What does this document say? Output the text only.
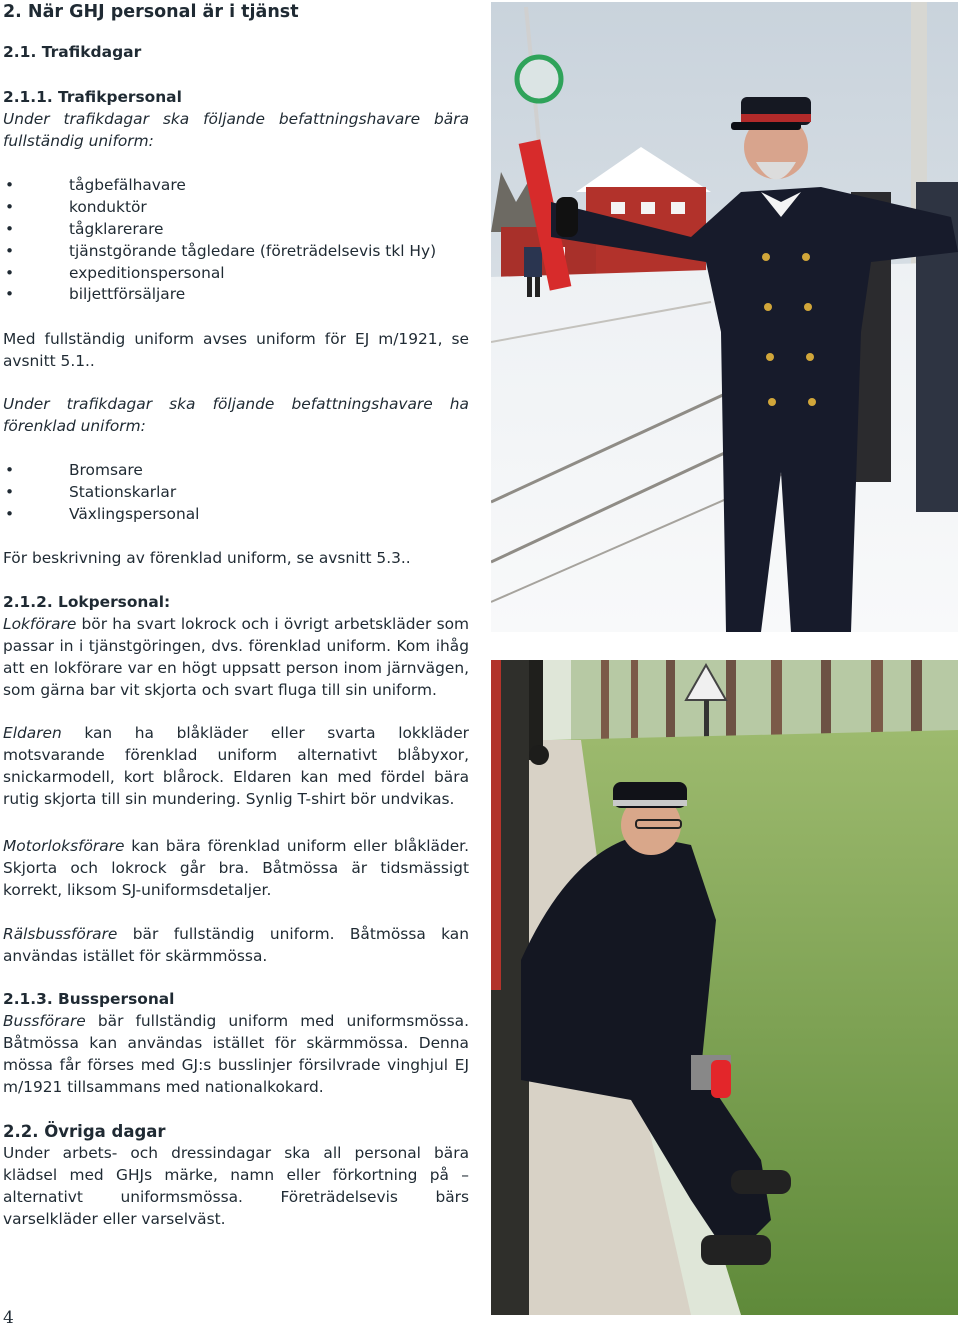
2. När GHJ personal är i tjänst
2.1. Trafikdagar
2.1.1. Trafikpersonal

Under trafikdagar ska följande befattningshavare bära fullständig uniform:

• tågbefälhavare
• konduktör
• tågklarerare
• tjänstgörande tågledare (företrädelsevis tkl Hy)
• expeditionspersonal
• biljettförsäljare

Med fullständig uniform avses uniform för EJ m/1921, se avsnitt 5.1..

Under trafikdagar ska följande befattningshavare ha förenklad uniform:

• Bromsare
• Stationskarlar
• Växlingspersonal

För beskrivning av förenklad uniform, se avsnitt 5.3..

2.1.2. Lokpersonal:

Lokförare bör ha svart lokrock och i övrigt arbetskläder som passar in i tjänstgöringen, dvs. förenklad uniform. Kom ihåg att en lokförare var en högt uppsatt person inom järnvägen, som gärna bar vit skjorta och svart fluga till sin uniform.

Eldaren kan ha blåkläder eller svarta lokkläder motsvarande förenklad uniform alternativt blåbyxor, snickarmodell, kort blårock. Eldaren kan med fördel bära rutig skjorta till sin mundering. Synlig T-shirt bör undvikas.

Motorloksförare kan bära förenklad uniform eller blåkläder. Skjorta och lokrock går bra. Båtmössa är tidsmässigt korrekt, liksom SJ-uniformsdetaljer.

Rälsbussförare bär fullständig uniform. Båtmössa kan användas istället för skärmmössa.

2.1.3. Busspersonal

Bussförare bär fullständig uniform med uniformsmössa. Båtmössa kan användas istället för skärmmössa. Denna mössa får förses med GJ:s busslinjer försilvrade vinghjul EJ m/1921 tillsammans med nationalkokard.

2.2. Övriga dagar

Under arbets- och dressindagar ska all personal bära klädsel med GHJs märke, namn eller förkortning på – alternativt uniformsmössa. Företrädelsevis bärs varselkläder eller varselväst.

4
